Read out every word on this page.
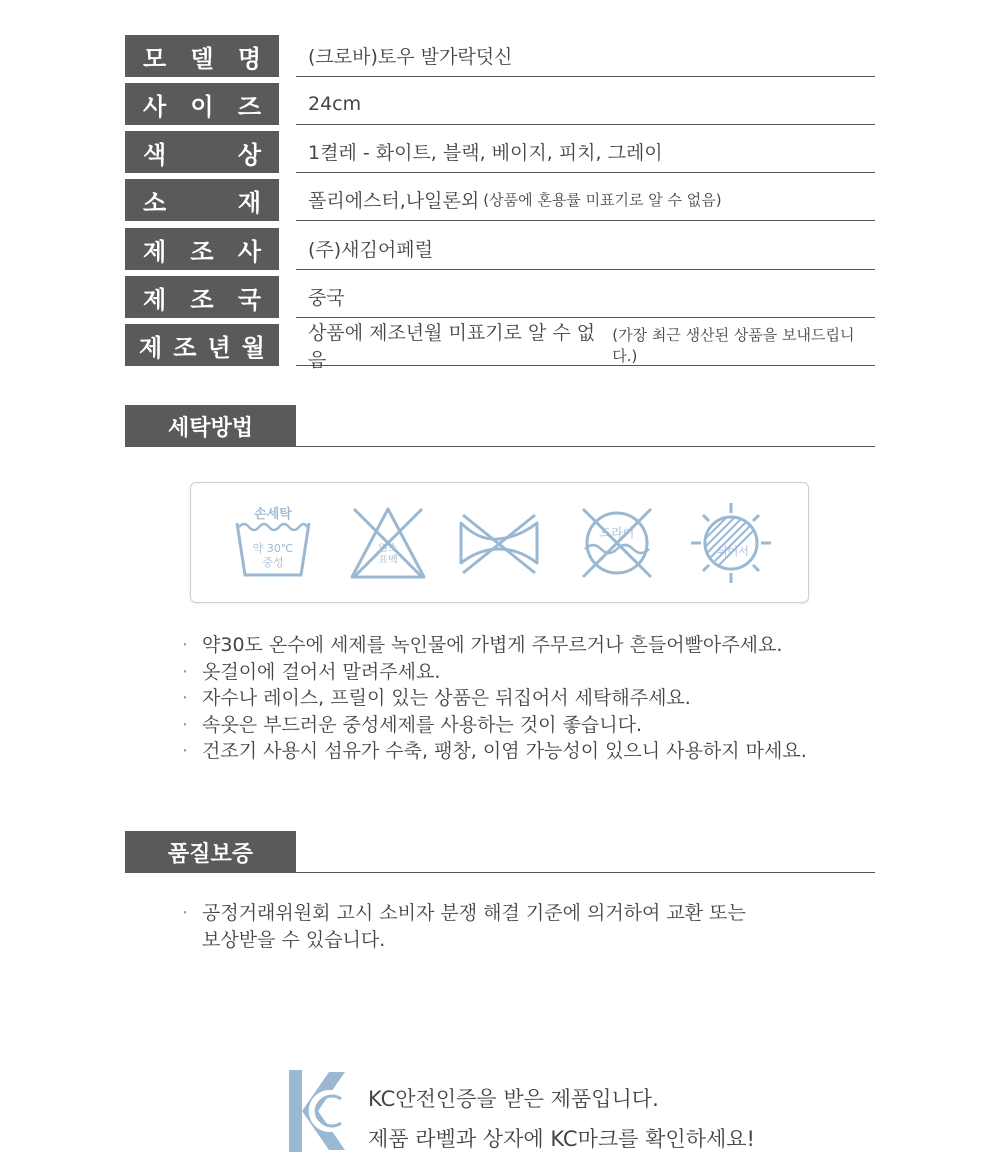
모 델 명 (크로바)토우 발가락덧신
사 이 즈 24cm
색	상 1켤레 - 화이트, 블랙, 베이지, 피치, 그레이
소	재 폴리에스터,나일론외 (상품에 혼용률 미표기로 알 수 없음)
제 조 사 (주)새김어페럴
제 조 국 중국
제 조 년 월
상품에 제조년월 미표기로 알 수 없음
(가장 최근 생산된 상품을 보내드립니다.)
세탁방법
손세탁
약 30℃
중성
염소
표백
드라이
뉘어서
· 약30도 온수에 세제를 녹인물에 가볍게 주무르거나 흔들어빨아주세요.
· 옷걸이에 걸어서 말려주세요.
· 자수나 레이스, 프릴이 있는 상품은 뒤집어서 세탁해주세요.
· 속옷은 부드러운 중성세제를 사용하는 것이 좋습니다.
· 건조기 사용시 섬유가 수축, 팽창, 이염 가능성이 있으니 사용하지 마세요.
품질보증
· 공정거래위원회 고시 소비자 분쟁 해결 기준에 의거하여 교환 또는
보상받을 수 있습니다.
KC안전인증을 받은 제품입니다.
제품 라벨과 상자에 KC마크를 확인하세요!
